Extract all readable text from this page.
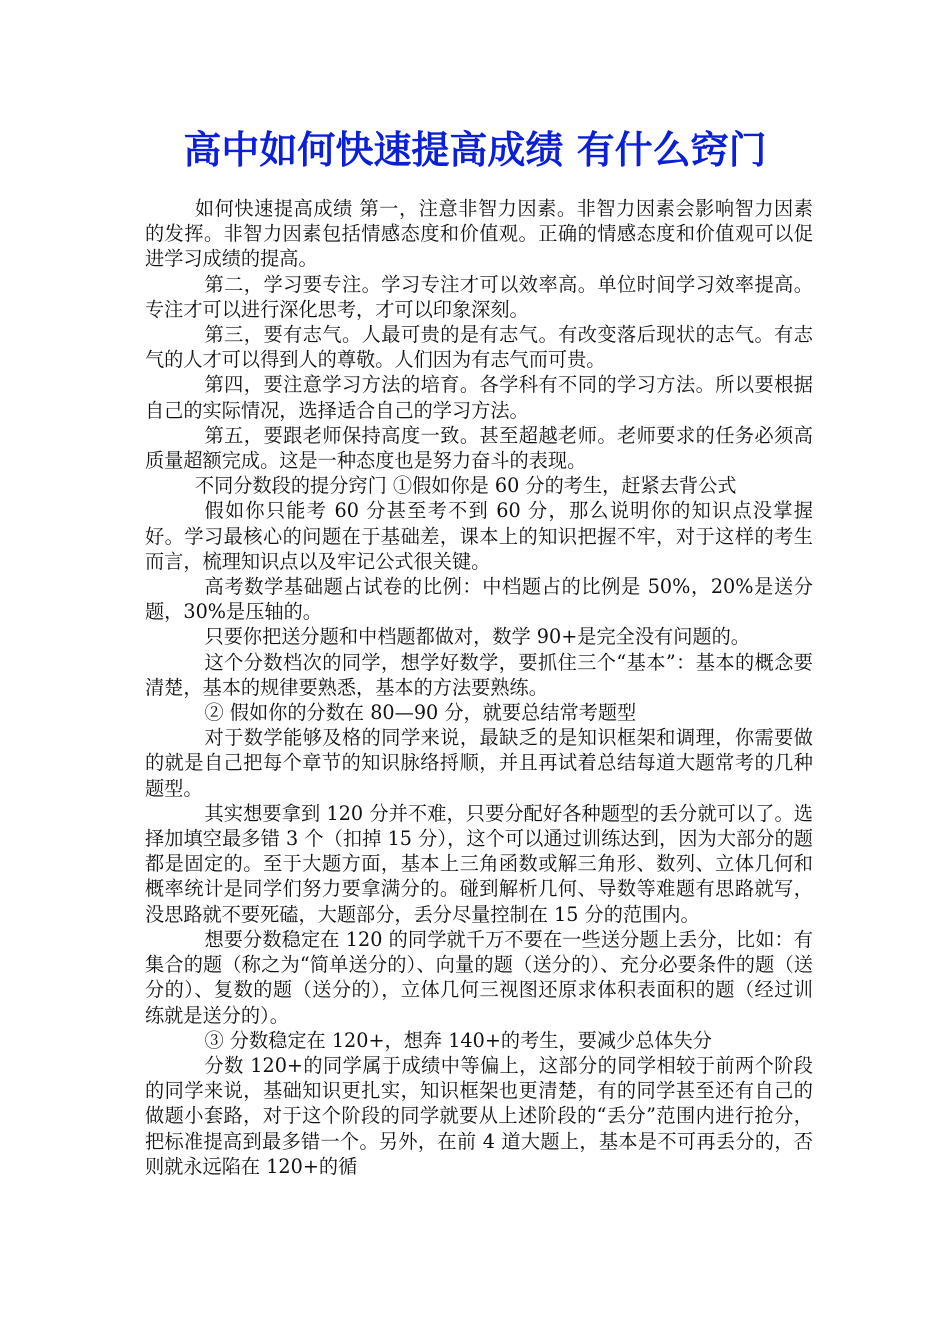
高中如何快速提高成绩 有什么窍门

如何快速提高成绩 第一，注意非智力因素。非智力因素会影响智力因素的发挥。非智力因素包括情感态度和价值观。正确的情感态度和价值观可以促进学习成绩的提高。

第二，学习要专注。学习专注才可以效率高。单位时间学习效率提高。专注才可以进行深化思考，才可以印象深刻。

第三，要有志气。人最可贵的是有志气。有改变落后现状的志气。有志气的人才可以得到人的尊敬。人们因为有志气而可贵。

第四，要注意学习方法的培育。各学科有不同的学习方法。所以要根据自己的实际情况，选择适合自己的学习方法。

第五，要跟老师保持高度一致。甚至超越老师。老师要求的任务必须高质量超额完成。这是一种态度也是努力奋斗的表现。

不同分数段的提分窍门 ①假如你是 60 分的考生，赶紧去背公式

假如你只能考 60 分甚至考不到 60 分，那么说明你的知识点没掌握好。学习最核心的问题在于基础差，课本上的知识把握不牢，对于这样的考生而言，梳理知识点以及牢记公式很关键。

高考数学基础题占试卷的比例：中档题占的比例是 50%，20%是送分题，30%是压轴的。

只要你把送分题和中档题都做对，数学 90+是完全没有问题的。

这个分数档次的同学，想学好数学，要抓住三个“基本”：基本的概念要清楚，基本的规律要熟悉，基本的方法要熟练。

② 假如你的分数在 80—90 分，就要总结常考题型

对于数学能够及格的同学来说，最缺乏的是知识框架和调理，你需要做的就是自己把每个章节的知识脉络捋顺，并且再试着总结每道大题常考的几种题型。

其实想要拿到 120 分并不难，只要分配好各种题型的丢分就可以了。选择加填空最多错 3 个（扣掉 15 分），这个可以通过训练达到，因为大部分的题都是固定的。至于大题方面，基本上三角函数或解三角形、数列、立体几何和概率统计是同学们努力要拿满分的。碰到解析几何、导数等难题有思路就写，没思路就不要死磕，大题部分，丢分尽量控制在 15 分的范围内。

想要分数稳定在 120 的同学就千万不要在一些送分题上丢分，比如：有集合的题（称之为“简单送分的）、向量的题（送分的）、充分必要条件的题（送分的）、复数的题（送分的），立体几何三视图还原求体积表面积的题（经过训练就是送分的）。

③ 分数稳定在 120+，想奔 140+的考生，要减少总体失分

分数 120+的同学属于成绩中等偏上，这部分的同学相较于前两个阶段的同学来说，基础知识更扎实，知识框架也更清楚，有的同学甚至还有自己的做题小套路，对于这个阶段的同学就要从上述阶段的“丢分”范围内进行抢分，把标准提高到最多错一个。另外，在前 4 道大题上，基本是不可再丢分的，否则就永远陷在 120+的循
